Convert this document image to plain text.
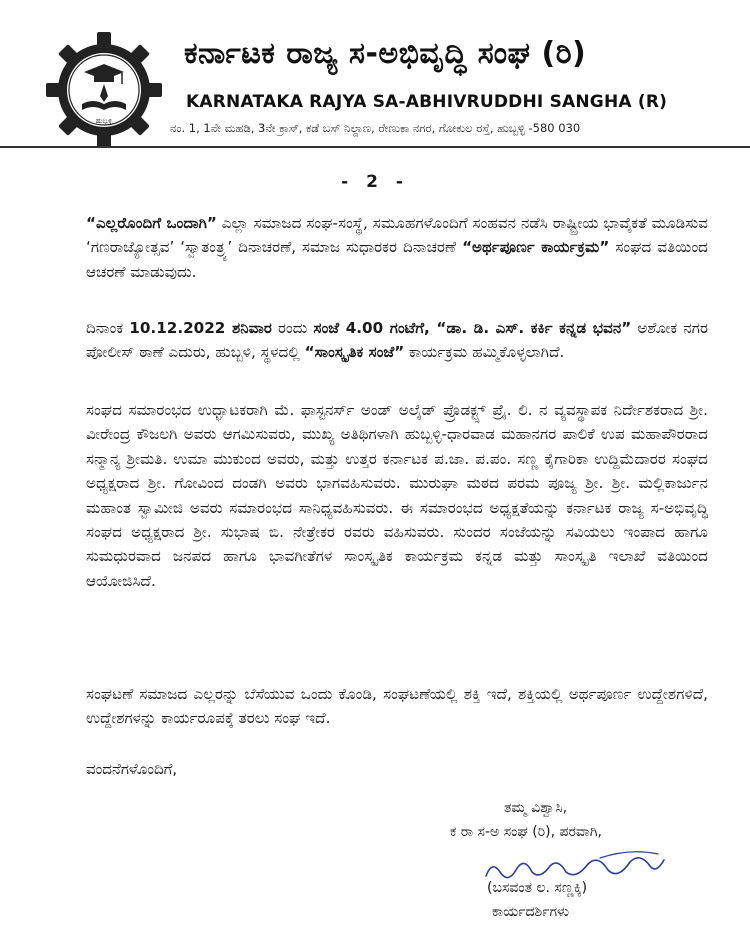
ಹುಬ್ಬಳ್ಳಿ
ಕರ್ನಾಟಕ ರಾಜ್ಯ ಸ-ಅಭಿವೃದ್ಧಿ ಸಂಘ (ರಿ)
KARNATAKA RAJYA SA-ABHIVRUDDHI SANGHA (R)
ನಂ. 1, 1ನೇ ಮಹಡಿ, 3ನೇ ಕ್ರಾಸ್, ಕಡೆ ಬಸ್ ನಿಲ್ದಾಣ, ರೇಣುಕಾ ನಗರ, ಗೋಕುಲ ರಸ್ತೆ, ಹುಬ್ಬಳ್ಳಿ -580 030
- 2 -
“ಎಲ್ಲರೊಂದಿಗೆ ಒಂದಾಗಿ” ಎಲ್ಲಾ ಸಮಾಜದ ಸಂಘ-ಸಂಸ್ಥೆ, ಸಮೂಹಗಳೊಂದಿಗೆ ಸಂಹವನ ನಡೆಸಿ ರಾಷ್ಟ್ರೀಯ ಭಾವೈಕತೆ ಮೂಡಿಸುವ ‘ಗಣರಾಜ್ಯೋತ್ಸವ’ ‘ಸ್ವಾತಂತ್ರ್ಯ’ ದಿನಾಚರಣೆ, ಸಮಾಜ ಸುಧಾರಕರ ದಿನಾಚರಣೆ “ಅರ್ಥಪೂರ್ಣ ಕಾರ್ಯಕ್ರಮ” ಸಂಘದ ವತಿಯಿಂದ ಆಚರಣೆ ಮಾಡುವುದು.
ದಿನಾಂಕ 10.12.2022 ಶನಿವಾರ ರಂದು ಸಂಜೆ 4.00 ಗಂಟೆಗೆ, “ಡಾ. ಡಿ. ಎಸ್. ಕರ್ಕಿ ಕನ್ನಡ ಭವನ” ಅಶೋಕ ನಗರ ಪೋಲೀಸ್ ಠಾಣೆ ಎದುರು, ಹುಬ್ಬಳಿ, ಸ್ಥಳದಲ್ಲಿ “ಸಾಂಸ್ಕೃತಿಕ ಸಂಜೆ” ಕಾರ್ಯಕ್ರಮ ಹಮ್ಮಿಕೊಳ್ಳಲಾಗಿದೆ.
ಸಂಘದ ಸಮಾರಂಭದ ಉಧ್ಘಾಟಕರಾಗಿ ಮೆ. ಫಾಸ್ಟನರ್ಸ್ ಅಂಡ್ ಅಲೈಡ್ ಪ್ರೊಡಕ್ಟ್ಸ್ ಪ್ರೈ. ಲಿ. ನ ವ್ಯವಸ್ಥಾಪಕ ನಿರ್ದೇಶಕರಾದ ಶ್ರೀ. ವೀರೇಂದ್ರ ಕೌಜಲಗಿ ಅವರು ಆಗಮಿಸುವರು, ಮುಖ್ಯ ಅತಿಥಿಗಳಾಗಿ ಹುಬ್ಬಳ್ಳಿ-ಧಾರವಾಡ ಮಹಾನಗರ ಪಾಲಿಕೆ ಉಪ ಮಹಾಪೌರರಾದ ಸನ್ಮಾನ್ಯ ಶ್ರೀಮತಿ. ಉಮಾ ಮುಕುಂದ ಅವರು, ಮತ್ತು ಉತ್ತರ ಕರ್ನಾಟಕ ಪ.ಜಾ. ಪ.ಪಂ. ಸಣ್ಣ ಕೈಗಾರಿಕಾ ಉದ್ದಿಮೆದಾರರ ಸಂಘದ ಅಧ್ಯಕ್ಷರಾದ ಶ್ರೀ. ಗೋವಿಂದ ದಂಡಗಿ ಅವರು ಭಾಗವಹಿಸುವರು. ಮುರುಘಾ ಮಠದ ಪರಮ ಪೂಜ್ಯ ಶ್ರೀ. ಶ್ರೀ. ಮಲ್ಲಿಕಾರ್ಜುನ ಮಹಾಂತ ಸ್ವಾಮೀಜಿ ಅವರು ಸಮಾರಂಭದ ಸಾನಿಧ್ಯವಹಿಸುವರು. ಈ ಸಮಾರಂಭದ ಅಧ್ಯಕ್ಷತೆಯನ್ನು ಕರ್ನಾಟಕ ರಾಜ್ಯ ಸ-ಅಭಿವೃದ್ಧಿ ಸಂಘದ ಅಧ್ಯಕ್ಷರಾದ ಶ್ರೀ. ಸುಭಾಷ ಬಿ. ನೇತ್ರೇಕರ ರವರು ವಹಿಸುವರು. ಸುಂದರ ಸಂಜೆಯನ್ನು ಸವಿಯಲು ಇಂಪಾದ ಹಾಗೂ ಸುಮಧುರವಾದ ಜನಪದ ಹಾಗೂ ಭಾವಗೀತೆಗಳ ಸಾಂಸ್ಕೃತಿಕ ಕಾರ್ಯಕ್ರಮ ಕನ್ನಡ ಮತ್ತು ಸಾಂಸ್ಕೃತಿ ಇಲಾಖೆ ವತಿಯಿಂದ ಆಯೋಜಿಸಿದೆ.
ಸಂಘಟಣೆ ಸಮಾಜದ ಎಲ್ಲರನ್ನು ಬೆಸೆಯುವ ಒಂದು ಕೊಂಡಿ, ಸಂಘಟಣೆಯಲ್ಲಿ ಶಕ್ತಿ ಇದೆ, ಶಕ್ತಿಯಲ್ಲಿ ಅರ್ಥಪೂರ್ಣ ಉದ್ದೇಶಗಳಿದೆ, ಉದ್ದೇಶಗಳನ್ನು ಕಾರ್ಯರೂಪಕ್ಕೆ ತರಲು ಸಂಘ ಇದೆ.
ವಂದನೆಗಳೊಂದಿಗೆ,
ತಮ್ಮ ವಿಶ್ವಾಸಿ,
ಕ ರಾ ಸ-ಅ ಸಂಘ (ರಿ), ಪರವಾಗಿ,
(ಬಸವಂತ ಲ. ಸಣ್ಣಕ್ಕಿ)
ಕಾರ್ಯದರ್ಶಿಗಳು
